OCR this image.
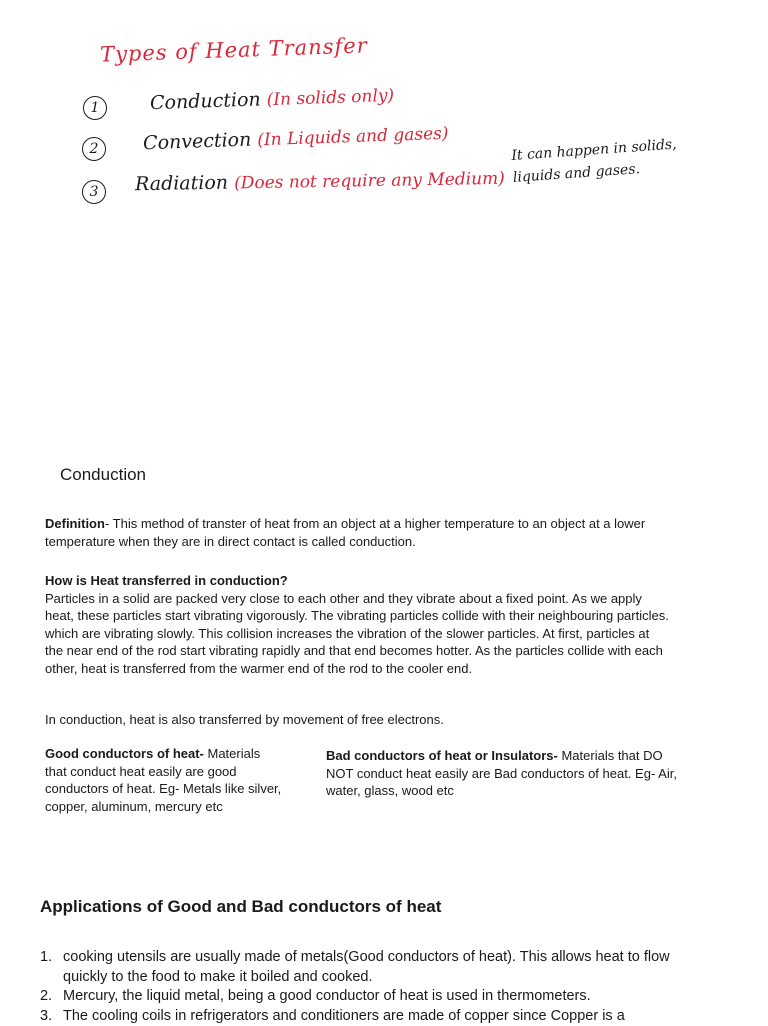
Types of Heat Transfer
1	Conduction (In solids only)
2	Convection (In Liquids and gases)
3	Radiation (Does not require any Medium)
It can happen in solids, liquids and gases.
Conduction
Definition- This method of transter of heat from an object at a higher temperature to an object at a lower temperature when they are in direct contact is called conduction.
How is Heat transferred in conduction?
Particles in a solid are packed very close to each other and they vibrate about a fixed point. As we apply heat, these particles start vibrating vigorously. The vibrating particles collide with their neighbouring particles. which are vibrating slowly. This collision increases the vibration of the slower particles. At first, particles at the near end of the rod start vibrating rapidly and that end becomes hotter. As the particles collide with each other, heat is transferred from the warmer end of the rod to the cooler end.
In conduction, heat is also transferred by movement of free electrons.
Good conductors of heat- Materials that conduct heat easily are good conductors of heat. Eg- Metals like silver, copper, aluminum, mercury etc
Bad conductors of heat or Insulators- Materials that DO NOT conduct heat easily are Bad conductors of heat. Eg- Air, water, glass, wood etc
Applications of Good and Bad conductors of heat
1. cooking utensils are usually made of metals(Good conductors of heat). This allows heat to flow quickly to the food to make it boiled and cooked.
2. Mercury, the liquid metal, being a good conductor of heat is used in thermometers.
3. The cooling coils in refrigerators and conditioners are made of copper since Copper is a
